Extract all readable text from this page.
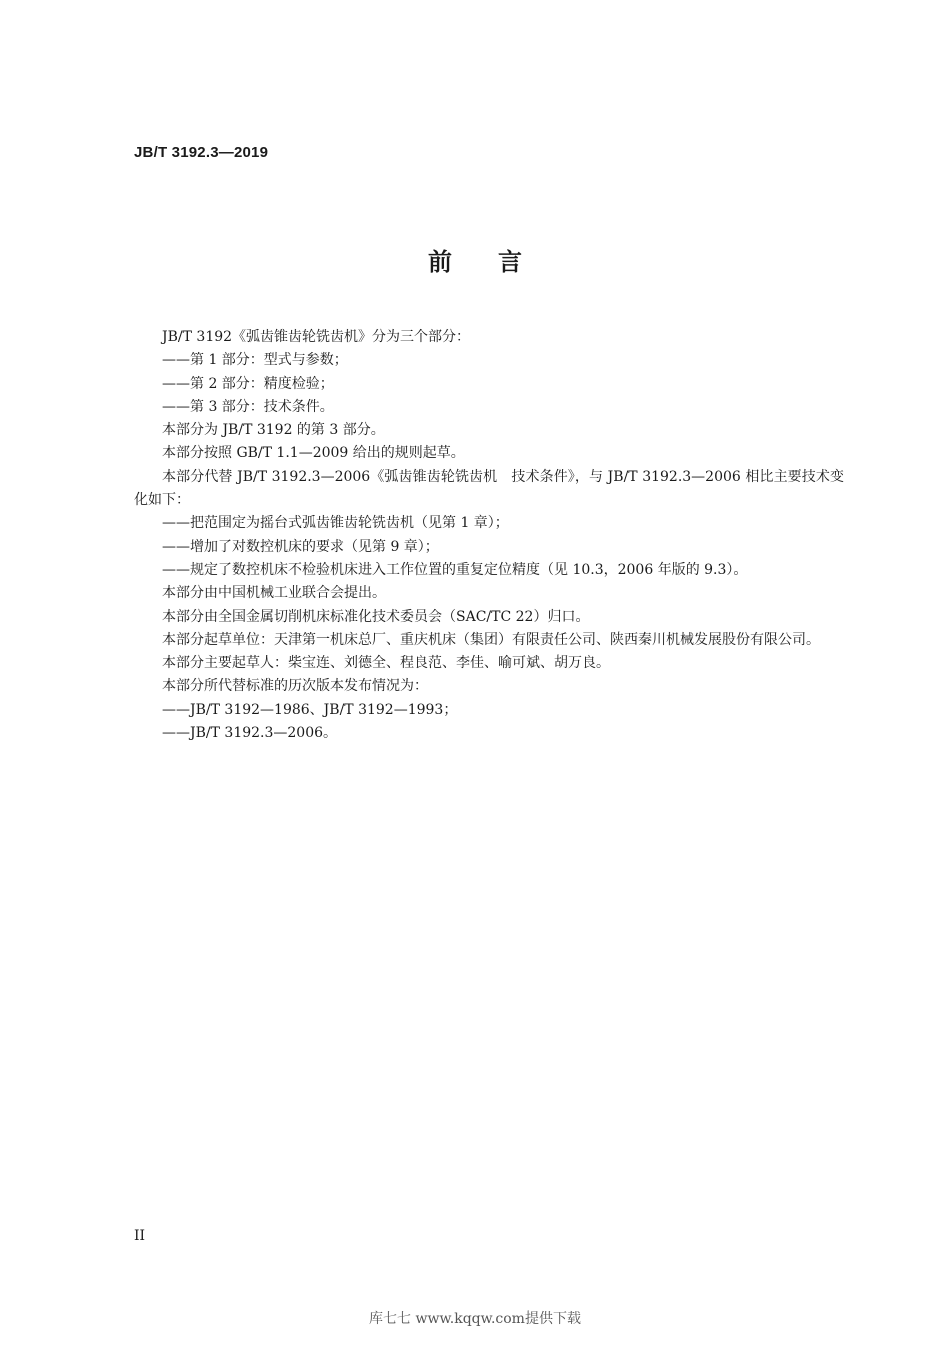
JB/T 3192.3—2019
前言

JB/T 3192《弧齿锥齿轮铣齿机》分为三个部分：

——第 1 部分：型式与参数；

——第 2 部分：精度检验；

——第 3 部分：技术条件。

本部分为 JB/T 3192 的第 3 部分。

本部分按照 GB/T 1.1—2009 给出的规则起草。

本部分代替 JB/T 3192.3—2006《弧齿锥齿轮铣齿机　技术条件》，与 JB/T 3192.3—2006 相比主要技术变化如下：

——把范围定为摇台式弧齿锥齿轮铣齿机（见第 1 章）；

——增加了对数控机床的要求（见第 9 章）；

——规定了数控机床不检验机床进入工作位置的重复定位精度（见 10.3，2006 年版的 9.3）。

本部分由中国机械工业联合会提出。

本部分由全国金属切削机床标准化技术委员会（SAC/TC 22）归口。

本部分起草单位：天津第一机床总厂、重庆机床（集团）有限责任公司、陕西秦川机械发展股份有限公司。

本部分主要起草人：柴宝连、刘德全、程良范、李佳、喻可斌、胡万良。

本部分所代替标准的历次版本发布情况为：

——JB/T 3192—1986、JB/T 3192—1993；

——JB/T 3192.3—2006。

II
库七七 www.kqqw.com提供下载
